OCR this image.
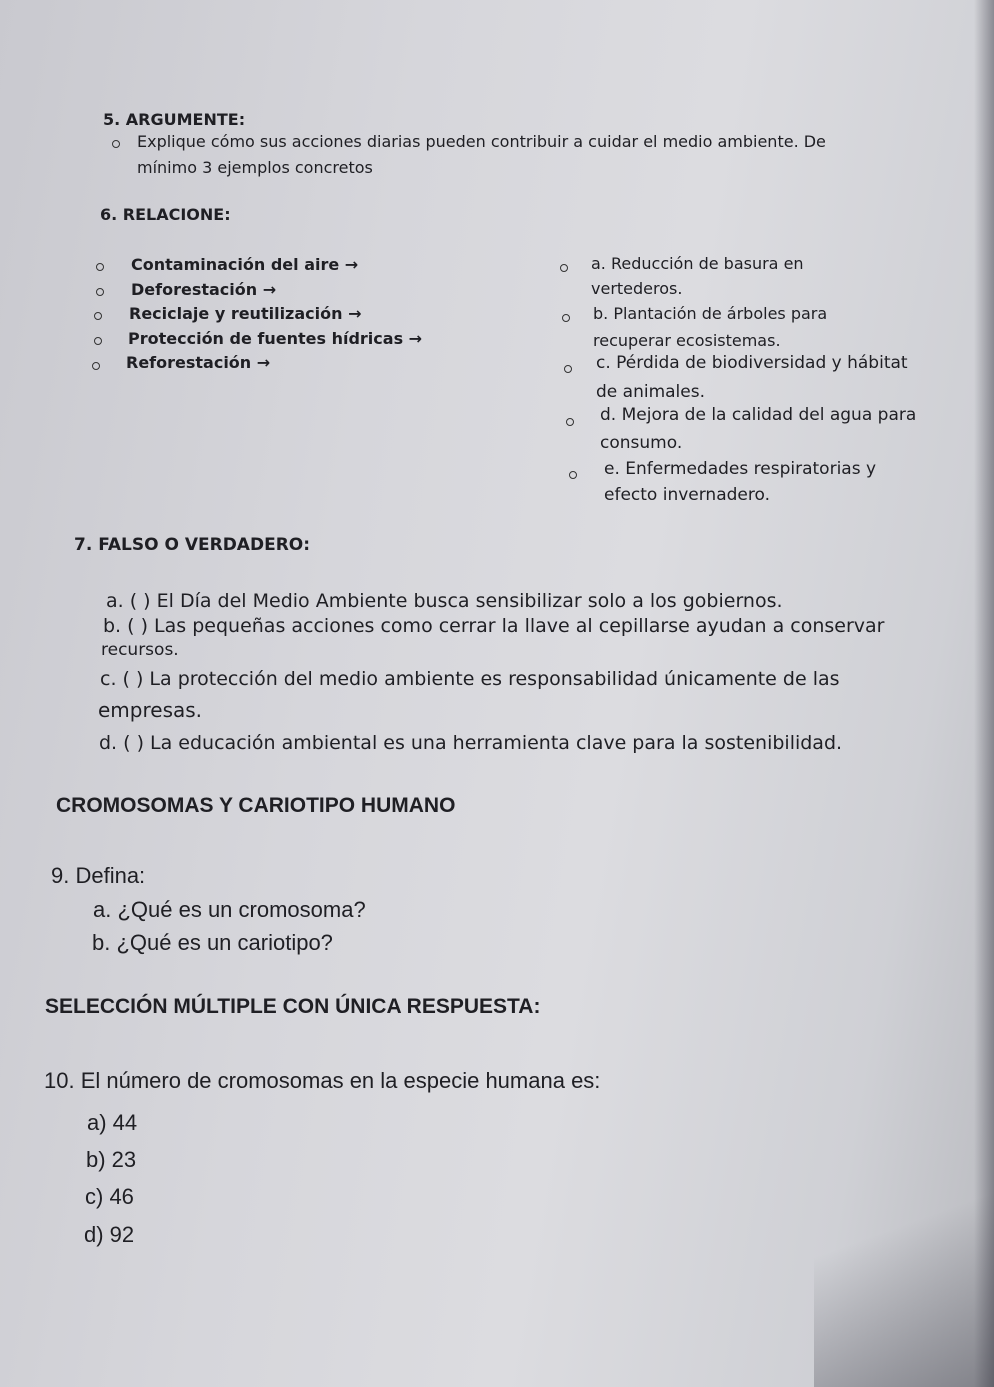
5. ARGUMENTE:
Explique cómo sus acciones diarias pueden contribuir a cuidar el medio ambiente. De
mínimo 3 ejemplos concretos
6. RELACIONE:
Contaminación del aire →
Deforestación →
Reciclaje y reutilización →
Protección de fuentes hídricas →
Reforestación →
a. Reducción de basura en
vertederos.
b. Plantación de árboles para
recuperar ecosistemas.
c. Pérdida de biodiversidad y hábitat
de animales.
d. Mejora de la calidad del agua para
consumo.
e. Enfermedades respiratorias y
efecto invernadero.
7. FALSO O VERDADERO:
a. ( ) El Día del Medio Ambiente busca sensibilizar solo a los gobiernos.
b. ( ) Las pequeñas acciones como cerrar la llave al cepillarse ayudan a conservar
recursos.
c. ( ) La protección del medio ambiente es responsabilidad únicamente de las
empresas.
d. ( ) La educación ambiental es una herramienta clave para la sostenibilidad.
CROMOSOMAS Y CARIOTIPO HUMANO
9. Defina:
a. ¿Qué es un cromosoma?
b. ¿Qué es un cariotipo?
SELECCIÓN MÚLTIPLE CON ÚNICA RESPUESTA:
10. El número de cromosomas en la especie humana es:
a) 44
b) 23
c) 46
d) 92
